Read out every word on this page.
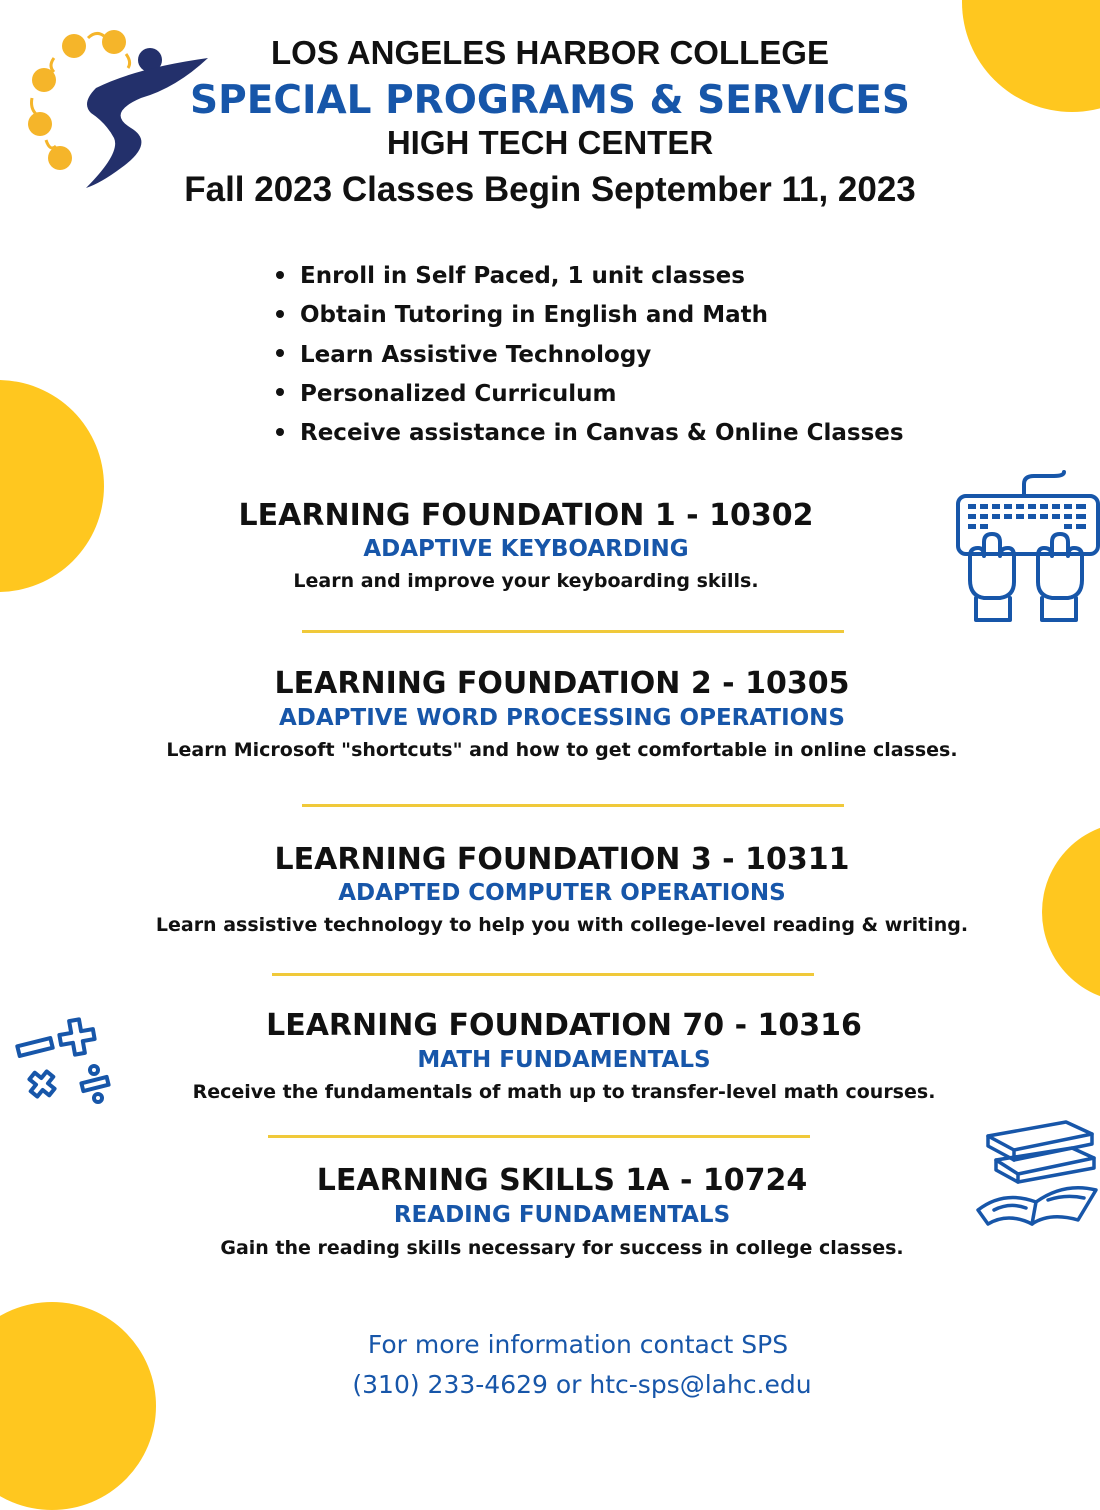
LOS ANGELES HARBOR COLLEGE
SPECIAL PROGRAMS & SERVICES
HIGH TECH CENTER
Fall 2023 Classes Begin September 11, 2023
Enroll in Self Paced, 1 unit classes
Obtain Tutoring in English and Math
Learn Assistive Technology
Personalized Curriculum
Receive assistance in Canvas & Online Classes
LEARNING FOUNDATION 1 - 10302
ADAPTIVE KEYBOARDING
Learn and improve your keyboarding skills.
LEARNING FOUNDATION 2 - 10305
ADAPTIVE WORD PROCESSING OPERATIONS
Learn Microsoft "shortcuts" and how to get comfortable in online classes.
LEARNING FOUNDATION 3 - 10311
ADAPTED COMPUTER OPERATIONS
Learn assistive technology to help you with college-level reading & writing.
LEARNING FOUNDATION 70 - 10316
MATH FUNDAMENTALS
Receive the fundamentals of math up to transfer-level math courses.
LEARNING SKILLS 1A - 10724
READING FUNDAMENTALS
Gain the reading skills necessary for success in college classes.
For more information contact SPS
(310) 233-4629 or htc-sps@lahc.edu
